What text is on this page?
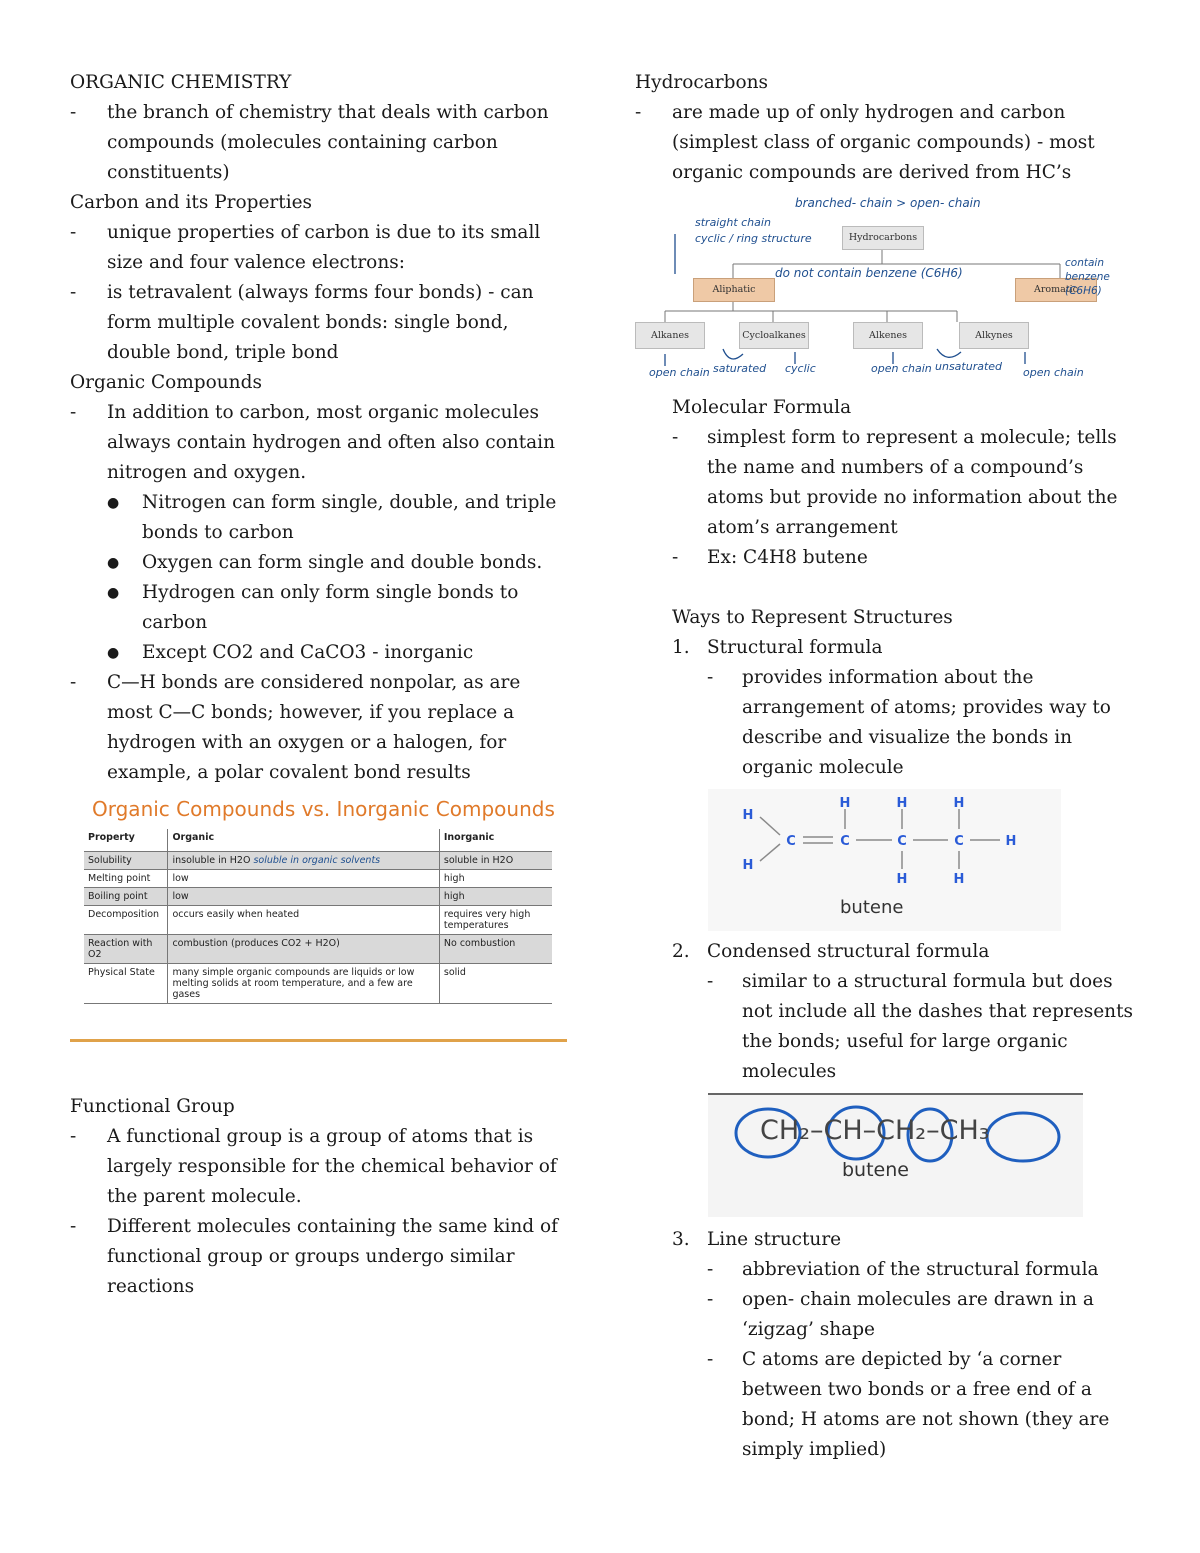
ORGANIC CHEMISTRY
-	the branch of chemistry that deals with carbon compounds (molecules containing carbon constituents)
Carbon and its Properties
-	unique properties of carbon is due to its small size and four valence electrons:
-	is tetravalent (always forms four bonds) - can form multiple covalent bonds: single bond, double bond, triple bond
Organic Compounds
-	In addition to carbon, most organic molecules always contain hydrogen and often also contain nitrogen and oxygen.
●	Nitrogen can form single, double, and triple bonds to carbon
●	Oxygen can form single and double bonds.
●	Hydrogen can only form single bonds to carbon
●	Except CO2 and CaCO3 - inorganic
-	C—H bonds are considered nonpolar, as are most C—C bonds; however, if you replace a hydrogen with an oxygen or a halogen, for example, a polar covalent bond results
Organic Compounds vs. Inorganic Compounds
Property	Organic	Inorganic
Solubility	insoluble in H2O soluble in organic solvents	soluble in H2O
Melting point	low	high
Boiling point	low	high
Decomposition	occurs easily when heated	requires very high temperatures
Reaction with O2	combustion (produces CO2 + H2O)	No combustion
Physical State	many simple organic compounds are liquids or low melting solids at room temperature, and a few are gases	solid
Functional Group
-	A functional group is a group of atoms that is largely responsible for the chemical behavior of the parent molecule.
-	Different molecules containing the same kind of functional group or groups undergo similar reactions
Hydrocarbons
-	are made up of only hydrogen and carbon (simplest class of organic compounds) - most organic compounds are derived from HC’s
Hydrocarbons
Aliphatic	Aromatic
Alkanes	Cycloalkanes	Alkenes	Alkynes
branched- chain > open- chain
straight chain
cyclic / ring structure
do not contain benzene (C6H6)
contain benzene (C6H6)
open chain saturated cyclic	open chain unsaturated open chain
Molecular Formula
-	simplest form to represent a molecule; tells the name and numbers of a compound’s atoms but provide no information about the atom’s arrangement
-	Ex: C4H8 butene
Ways to Represent Structures
1. Structural formula
-	provides information about the arrangement of atoms; provides way to describe and visualize the bonds in organic molecule
H
H
C	C	C	C	H
H	H	H
H	H
butene
2. Condensed structural formula
-	similar to a structural formula but does not include all the dashes that represents the bonds; useful for large organic molecules
CH₂–CH–CH₂–CH₃
butene
3. Line structure
-	abbreviation of the structural formula
-	open- chain molecules are drawn in a ‘zigzag’ shape
-	C atoms are depicted by ‘a corner between two bonds or a free end of a bond; H atoms are not shown (they are simply implied)
